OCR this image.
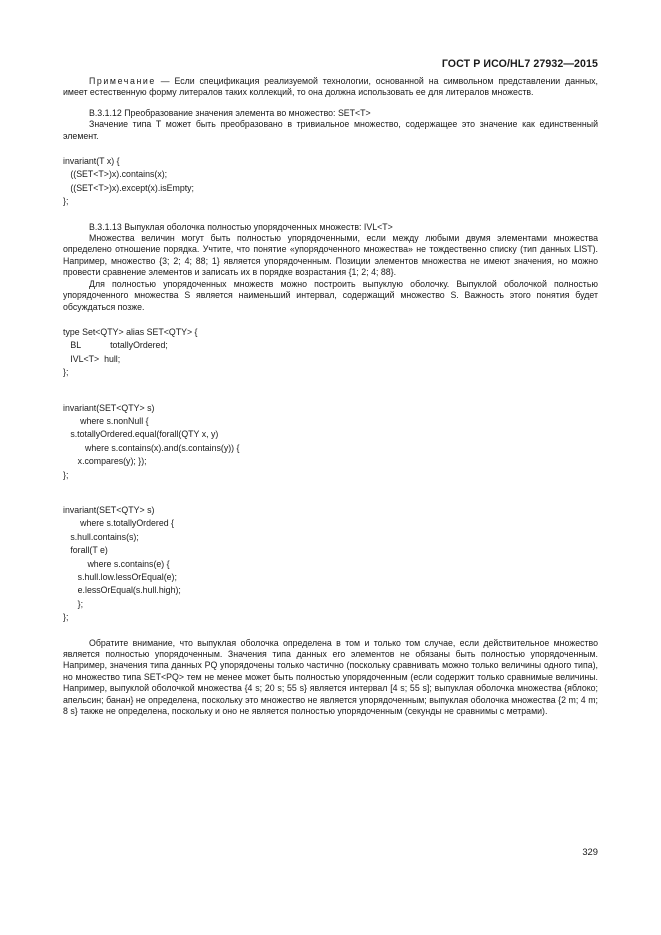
ГОСТ Р ИСО/HL7 27932—2015

Примечание — Если спецификация реализуемой технологии, основанной на символьном представлении данных, имеет естественную форму литералов таких коллекций, то она должна использовать ее для литералов множеств.

В.3.1.12 Преобразование значения элемента во множество: SET<T>

Значение типа T может быть преобразовано в тривиальное множество, содержащее это значение как единственный элемент.

invariant(T x) {
((SET<T>)x).contains(x);
((SET<T>)x).except(x).isEmpty;
};

В.3.1.13 Выпуклая оболочка полностью упорядоченных множеств: IVL<T>

Множества величин могут быть полностью упорядоченными, если между любыми двумя элементами множества определено отношение порядка. Учтите, что понятие «упорядоченного множества» не тождественно списку (тип данных LIST). Например, множество {3; 2; 4; 88; 1} является упорядоченным. Позиции элементов множества не имеют значения, но можно провести сравнение элементов и записать их в порядке возрастания {1; 2; 4; 88}.

Для полностью упорядоченных множеств можно построить выпуклую оболочку. Выпуклой оболочкой полностью упорядоченного множества S является наименьший интервал, содержащий множество S. Важность этого понятия будет обсуждаться позже.

type Set<QTY> alias SET<QTY> {
BL            totallyOrdered;
IVL<T>  hull;
};

invariant(SET<QTY> s)
where s.nonNull {
s.totallyOrdered.equal(forall(QTY x, y)
where s.contains(x).and(s.contains(y)) {
x.compares(y); });
};

invariant(SET<QTY> s)
where s.totallyOrdered {
s.hull.contains(s);
forall(T e)
where s.contains(e) {
s.hull.low.lessOrEqual(e);
e.lessOrEqual(s.hull.high);
};
};

Обратите внимание, что выпуклая оболочка определена в том и только том случае, если действительное множество является полностью упорядоченным. Значения типа данных его элементов не обязаны быть полностью упорядоченным. Например, значения типа данных PQ упорядочены только частично (поскольку сравнивать можно только величины одного типа), но множество типа SET<PQ> тем не менее может быть полностью упорядоченным (если содержит только сравнимые величины. Например, выпуклой оболочкой множества {4 s; 20 s; 55 s} является интервал [4 s; 55 s]; выпуклая оболочка множества {яблоко; апельсин; банан} не определена, поскольку это множество не является упорядоченным; выпуклая оболочка множества {2 m; 4 m; 8 s} также не определена, поскольку и оно не является полностью упорядоченным (секунды не сравнимы с метрами).

329
